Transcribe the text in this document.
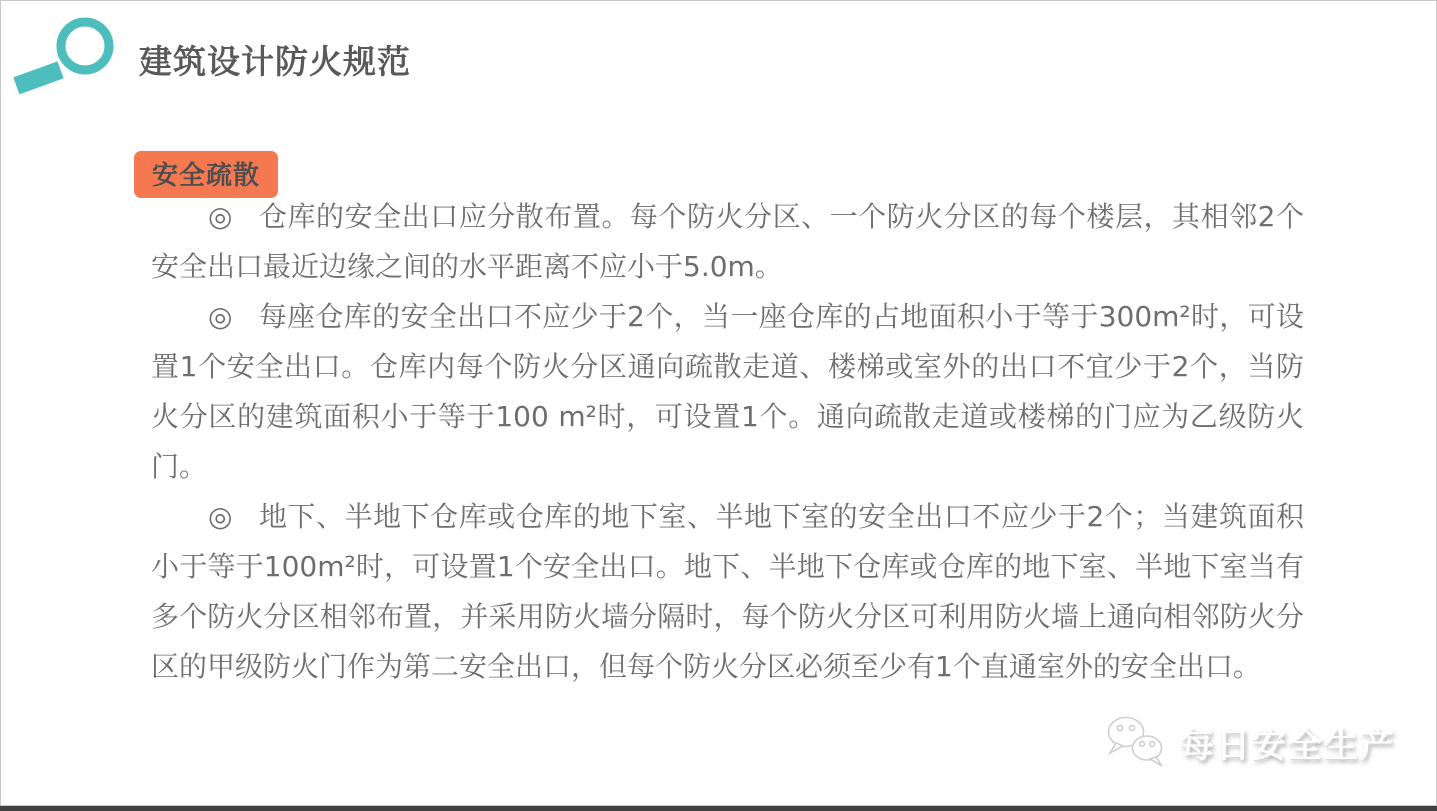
建筑设计防火规范
安全疏散

◎ 仓库的安全出口应分散布置。每个防火分区、一个防火分区的每个楼层，其相邻2个安全出口最近边缘之间的水平距离不应小于5.0m。

◎ 每座仓库的安全出口不应少于2个，当一座仓库的占地面积小于等于300m²时，可设置1个安全出口。仓库内每个防火分区通向疏散走道、楼梯或室外的出口不宜少于2个，当防火分区的建筑面积小于等于100 m²时，可设置1个。通向疏散走道或楼梯的门应为乙级防火门。

◎ 地下、半地下仓库或仓库的地下室、半地下室的安全出口不应少于2个；当建筑面积小于等于100m²时，可设置1个安全出口。地下、半地下仓库或仓库的地下室、半地下室当有多个防火分区相邻布置，并采用防火墙分隔时，每个防火分区可利用防火墙上通向相邻防火分区的甲级防火门作为第二安全出口，但每个防火分区必须至少有1个直通室外的安全出口。

每日安全生产
